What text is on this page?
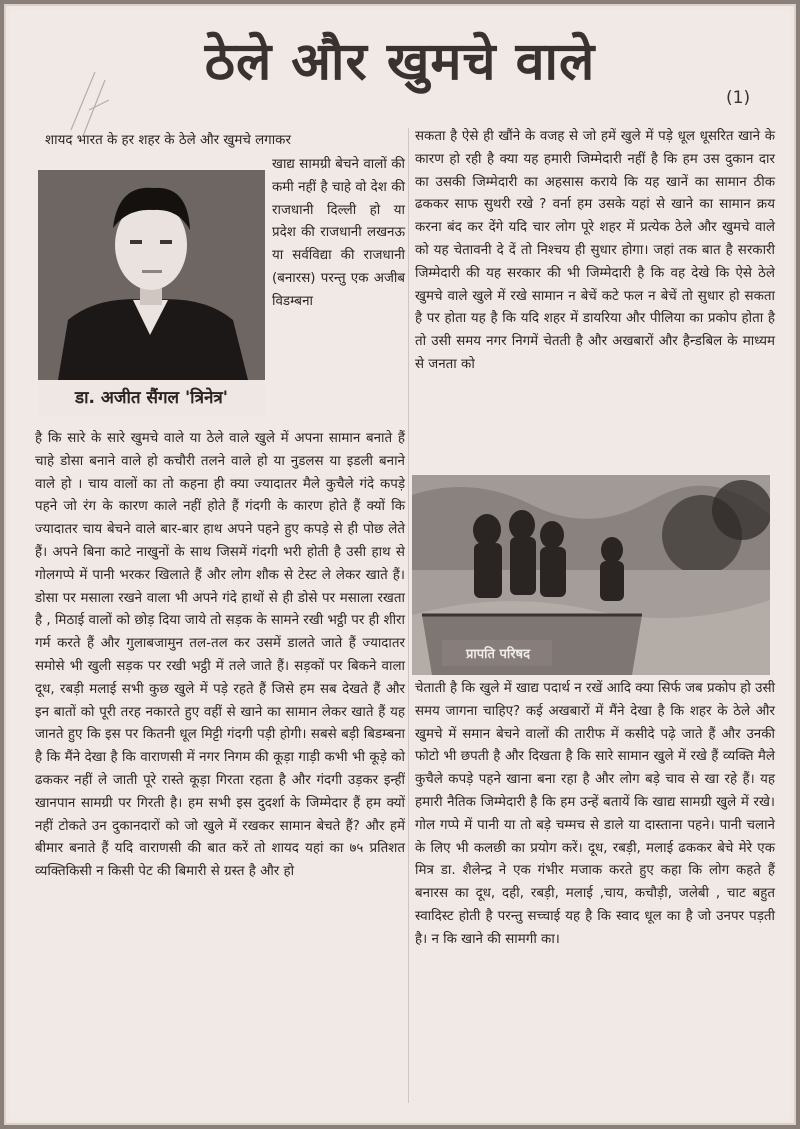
ठेले और खुमचे वाले
(1)
डा. अजीत सैंगल 'त्रिनेत्र'
शायद भारत के हर शहर के ठेले और खुमचे लगाकर
खाद्य सामग्री बेचने वालों की कमी नहीं है चाहे वो देश की राजधानी दिल्ली हो या प्रदेश की राजधानी लखनऊ या सर्वविद्या की राजधानी (बनारस) परन्तु एक अजीब विडम्बना
है कि सारे के सारे खुमचे वाले या ठेले वाले खुले में अपना सामान बनाते हैं चाहे डोसा बनाने वाले हो कचौरी तलने वाले हो या नुडलस या इडली बनाने वाले हो । चाय वालों का तो कहना ही क्या ज्यादातर मैले कुचैले गंदे कपड़े पहने जो रंग के कारण काले नहीं होते हैं गंदगी के कारण होते हैं क्यों कि ज्यादातर चाय बेचने वाले बार-बार हाथ अपने पहने हुए कपड़े से ही पोछ लेते हैं। अपने बिना काटे नाखुनों के साथ जिसमें गंदगी भरी होती है उसी हाथ से गोलगप्पे में पानी भरकर खिलाते हैं और लोग शौक से टेस्ट ले लेकर खाते हैं। डोसा पर मसाला रखने वाला भी अपने गंदे हाथों से ही डोसे पर मसाला रखता है , मिठाई वालों को छोड़ दिया जाये तो सड़क के सामने रखी भट्ठी पर ही शीरा गर्म करते हैं और गुलाबजामुन तल-तल कर उसमें डालते जाते हैं ज्यादातर समोसे भी खुली सड़क पर रखी भट्ठी में तले जाते हैं। सड़कों पर बिकने वाला दूध, रबड़ी मलाई सभी कुछ खुले में पड़े रहते हैं जिसे हम सब देखते हैं और इन बातों को पूरी तरह नकारते हुए वहीं से खाने का सामान लेकर खाते हैं यह जानते हुए कि इस पर कितनी धूल मिट्टी गंदगी पड़ी होगी। सबसे बड़ी बिडम्बना है कि मैंने देखा है कि वाराणसी में नगर निगम की कूड़ा गाड़ी कभी भी कूड़े को ढककर नहीं ले जाती पूरे रास्ते कूड़ा गिरता रहता है और गंदगी उड़कर इन्हीं खानपान सामग्री पर गिरती है। हम सभी इस दुदर्शा के जिम्मेदार हैं हम क्यों नहीं टोकते उन दुकानदारों को जो खुले में रखकर सामान बेचते हैं? और हमें बीमार बनाते हैं यदि वाराणसी की बात करें तो शायद यहां का ७५ प्रतिशत व्यक्तिकिसी न किसी पेट की बिमारी से ग्रस्त है और हो
सकता है ऐसे ही खौंने के वजह से जो हमें खुले में पड़े धूल धूसरित खाने के कारण हो रही है क्या यह हमारी जिम्मेदारी नहीं है कि हम उस दुकान दार का उसकी जिम्मेदारी का अहसास कराये कि यह खानें का सामान ठीक ढककर साफ सुथरी रखे ? वर्ना हम उसके यहां से खाने का सामान क्रय करना बंद कर देंगे यदि चार लोग पूरे शहर में प्रत्येक ठेले और खुमचे वाले को यह चेतावनी दे दें तो निश्चय ही सुधार होगा। जहां तक बात है सरकारी जिम्मेदारी की यह सरकार की भी जिम्मेदारी है कि वह देखे कि ऐसे ठेले खुमचे वाले खुले में रखे सामान न बेचें कटे फल न बेचें तो सुधार हो सकता है पर होता यह है कि यदि शहर में डायरिया और पीलिया का प्रकोप होता है तो उसी समय नगर निगमें चेतती है और अखबारों और हैन्डबिल के माध्यम से जनता को
प्रापति परिषद
चेताती है कि खुले में खाद्य पदार्थ न रखें आदि क्या सिर्फ जब प्रकोप हो उसी समय जागना चाहिए? कई अखबारों में मैंने देखा है कि शहर के ठेले और खुमचे में समान बेचने वालों की तारीफ में कसीदे पढ़े जाते हैं और उनकी फोटो भी छपती है और दिखता है कि सारे सामान खुले में रखे हैं व्यक्ति मैले कुचैले कपड़े पहने खाना बना रहा है और लोग बड़े चाव से खा रहे हैं। यह हमारी नैतिक जिम्मेदारी है कि हम उन्हें बतायें कि खाद्य सामग्री खुले में रखे। गोल गप्पे में पानी या तो बड़े चम्मच से डाले या दास्ताना पहने। पानी चलाने के लिए भी कलछी का प्रयोग करें। दूध, रबड़ी, मलाई ढककर बेचे मेरे एक मित्र डा. शैलेन्द्र ने एक गंभीर मजाक करते हुए कहा कि लोग कहते हैं बनारस का दूध, दही, रबड़ी, मलाई ,चाय, कचौड़ी, जलेबी , चाट बहुत स्वादिस्ट होती है परन्तु सच्चाई यह है कि स्वाद धूल का है जो उनपर पड़ती है। न कि खाने की सामगी का।
